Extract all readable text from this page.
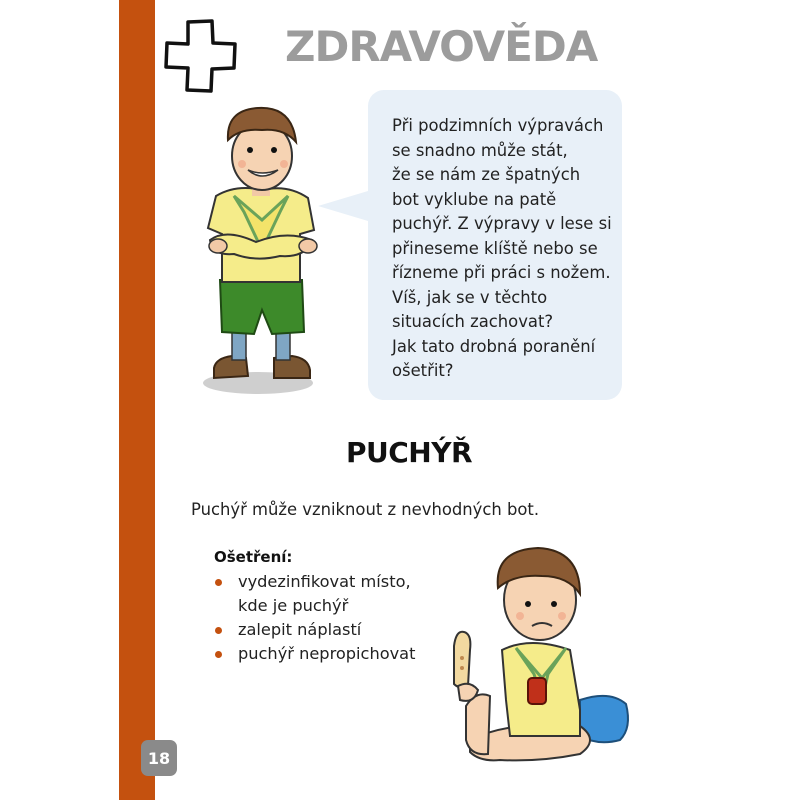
18
ZDRAVOVĚDA
Při podzimních výpravách
se snadno může stát,
že se nám ze špatných
bot vyklube na patě
puchýř. Z výpravy v lese si
přineseme klíště nebo se
řízneme při práci s nožem.
Víš, jak se v těchto
situacích zachovat?
Jak tato drobná poranění
ošetřit?
PUCHÝŘ
Puchýř může vzniknout z nevhodných bot.
Ošetření:
vydezinfikovat místo,
kde je puchýř
zalepit náplastí
puchýř nepropichovat
